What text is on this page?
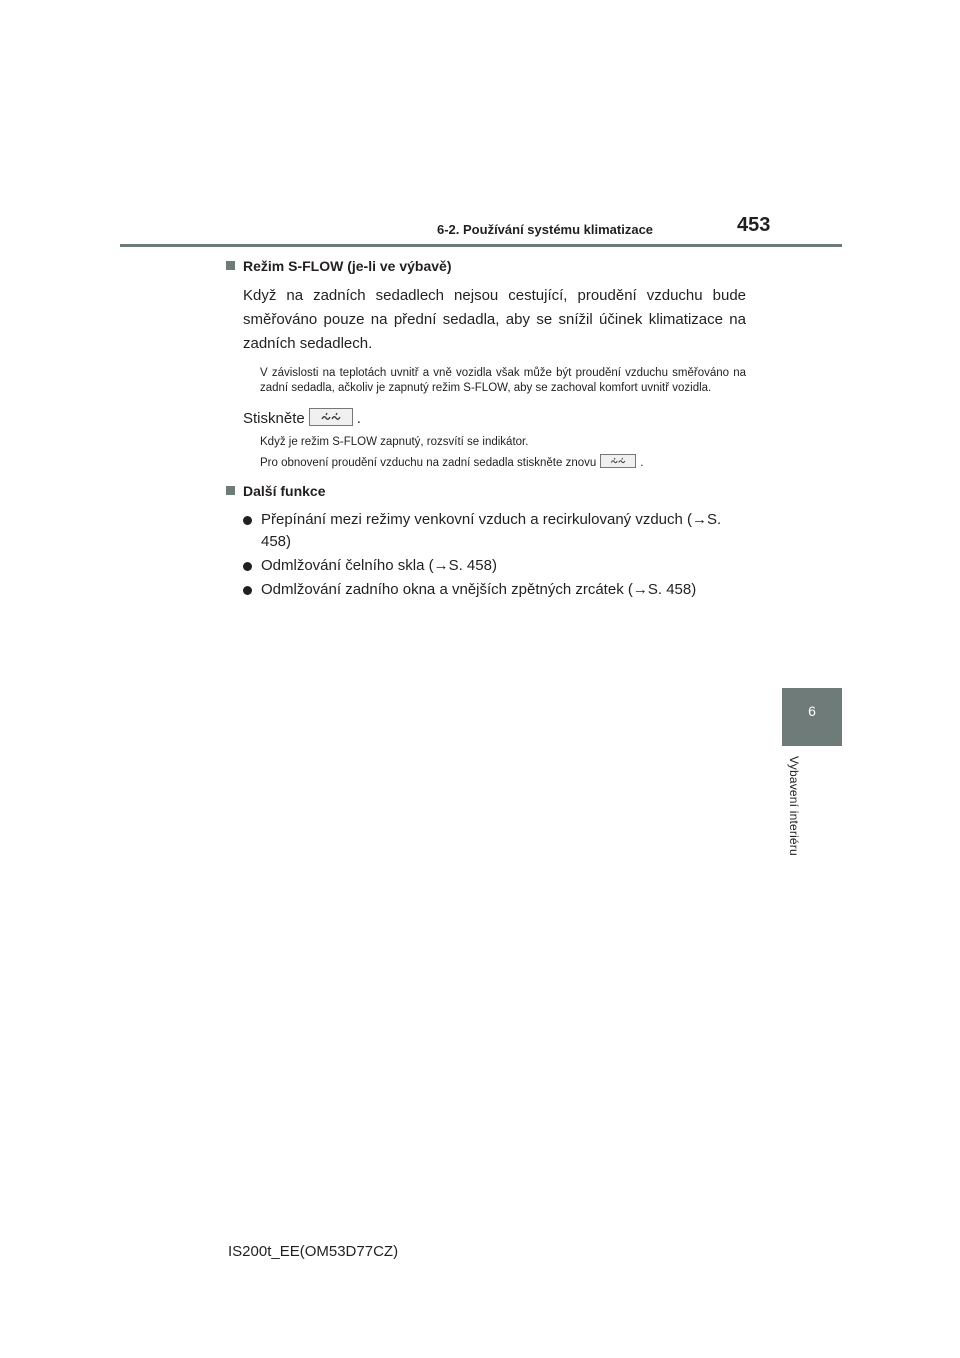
6-2. Používání systému klimatizace	453
6
Vybavení interiéru
Režim S-FLOW (je-li ve výbavě)
Když na zadních sedadlech nejsou cestující, proudění vzduchu bude směřováno pouze na přední sedadla, aby se snížil účinek klimatizace na zadních sedadlech.
V závislosti na teplotách uvnitř a vně vozidla však může být proudění vzduchu směřováno na zadní sedadla, ačkoliv je zapnutý režim S-FLOW, aby se zachoval komfort uvnitř vozidla.
Stiskněte	.
Když je režim S-FLOW zapnutý, rozsvítí se indikátor.
Pro obnovení proudění vzduchu na zadní sedadla stiskněte znovu	.
Další funkce
Přepínání mezi režimy venkovní vzduch a recirkulovaný vzduch (→S. 458)
Odmlžování čelního skla (→S. 458)
Odmlžování zadního okna a vnějších zpětných zrcátek (→S. 458)
IS200t_EE(OM53D77CZ)
